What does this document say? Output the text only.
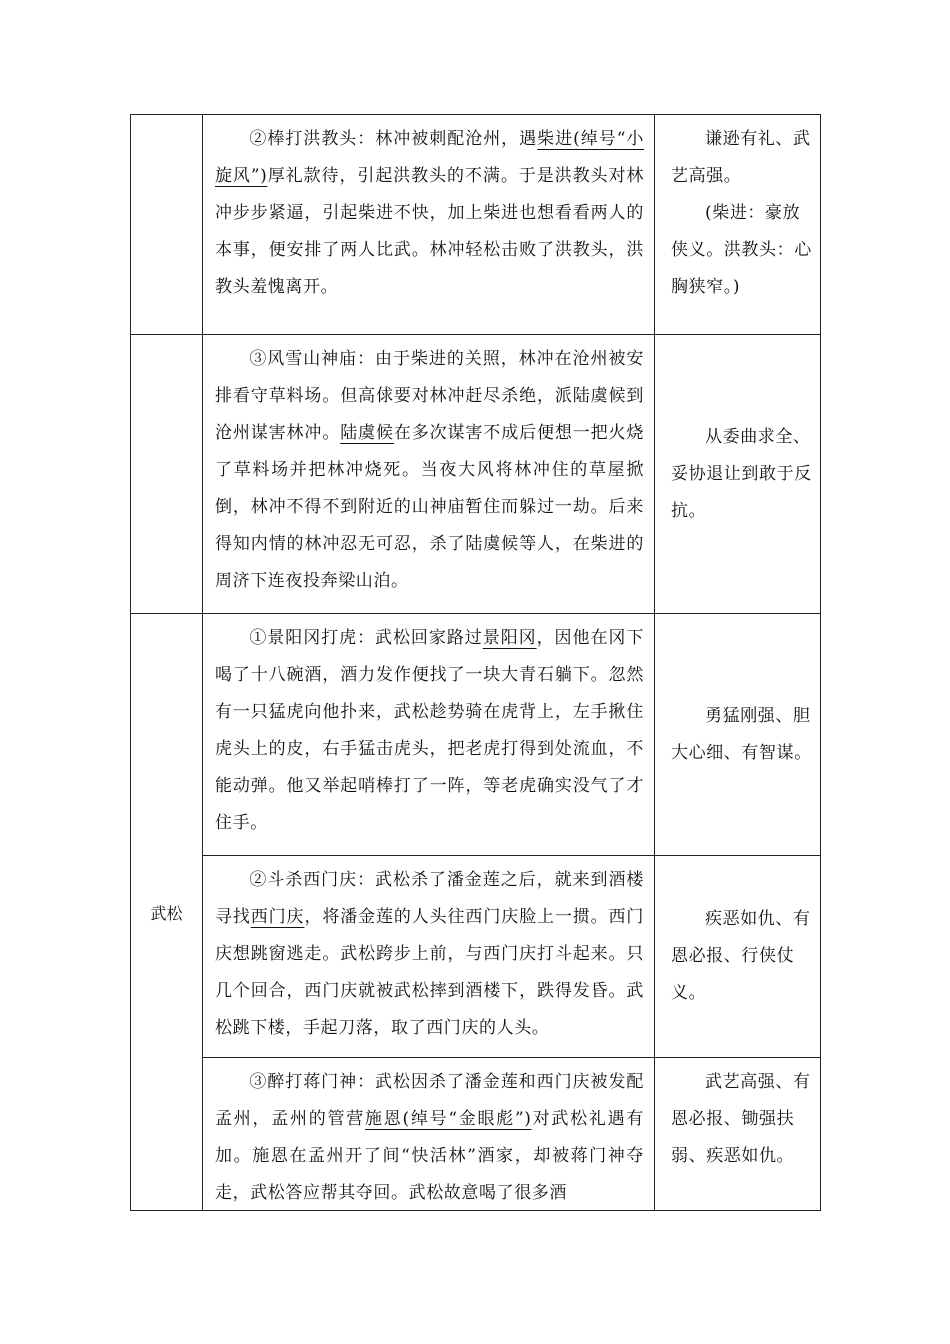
	②棒打洪教头：林冲被刺配沧州，遇柴进(绰号“小旋风”)厚礼款待，引起洪教头的不满。于是洪教头对林冲步步紧逼，引起柴进不快，加上柴进也想看看两人的本事，便安排了两人比武。林冲轻松击败了洪教头，洪教头羞愧离开。	谦逊有礼、武艺高强。
(柴进：豪放侠义。洪教头：心胸狭窄。)

	③风雪山神庙：由于柴进的关照，林冲在沧州被安排看守草料场。但高俅要对林冲赶尽杀绝，派陆虞候到沧州谋害林冲。陆虞候在多次谋害不成后便想一把火烧了草料场并把林冲烧死。当夜大风将林冲住的草屋掀倒，林冲不得不到附近的山神庙暂住而躲过一劫。后来得知内情的林冲忍无可忍，杀了陆虞候等人，在柴进的周济下连夜投奔梁山泊。	从委曲求全、妥协退让到敢于反抗。

武松	①景阳冈打虎：武松回家路过景阳冈，因他在冈下喝了十八碗酒，酒力发作便找了一块大青石躺下。忽然有一只猛虎向他扑来，武松趁势骑在虎背上，左手揪住虎头上的皮，右手猛击虎头，把老虎打得到处流血，不能动弹。他又举起哨棒打了一阵，等老虎确实没气了才住手。	勇猛刚强、胆大心细、有智谋。

	②斗杀西门庆：武松杀了潘金莲之后，就来到酒楼寻找西门庆，将潘金莲的人头往西门庆脸上一掼。西门庆想跳窗逃走。武松跨步上前，与西门庆打斗起来。只几个回合，西门庆就被武松摔到酒楼下，跌得发昏。武松跳下楼，手起刀落，取了西门庆的人头。	疾恶如仇、有恩必报、行侠仗义。

	③醉打蒋门神：武松因杀了潘金莲和西门庆被发配孟州，孟州的管营施恩(绰号“金眼彪”)对武松礼遇有加。施恩在孟州开了间“快活林”酒家，却被蒋门神夺走，武松答应帮其夺回。武松故意喝了很多酒	武艺高强、有恩必报、锄强扶弱、疾恶如仇。
